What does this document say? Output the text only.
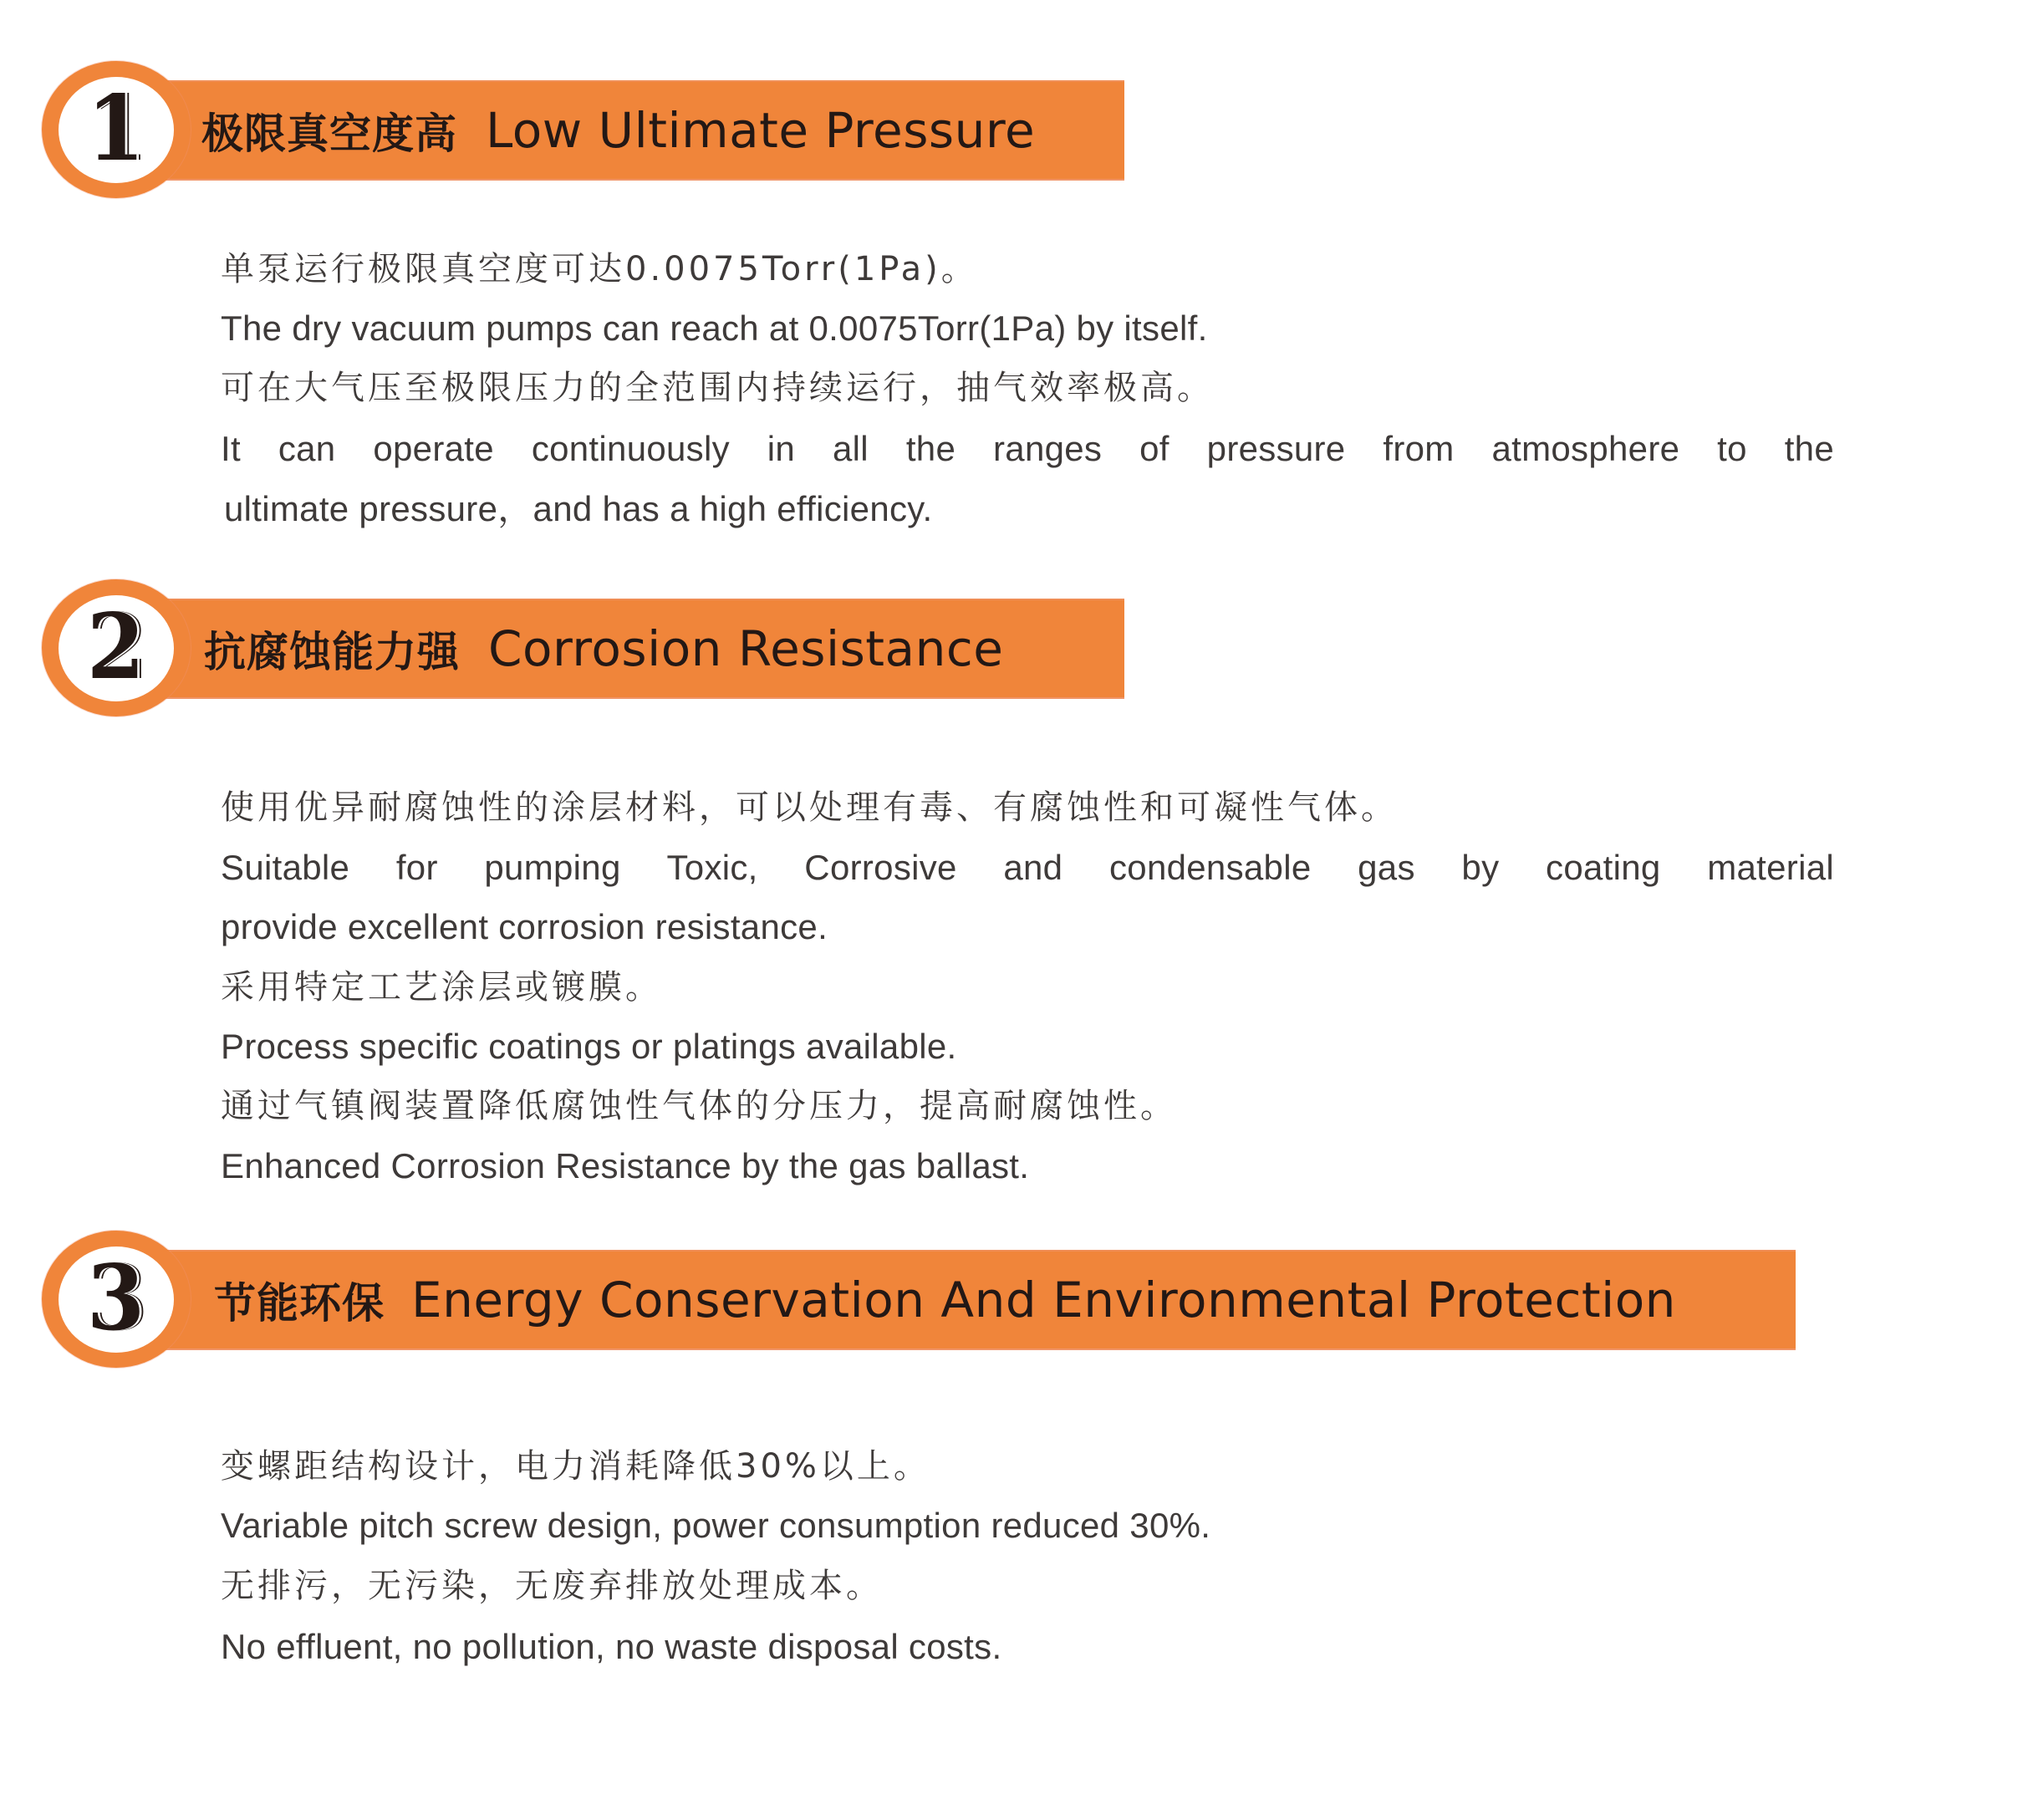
1 极限真空度高 Low Ultimate Pressure
单泵运行极限真空度可达0.0075Torr(1Pa)。
The dry vacuum pumps can reach at 0.0075Torr(1Pa) by itself.
可在大气压至极限压力的全范围内持续运行，抽气效率极高。
It can operate continuously in all the ranges of pressure from atmosphere to the
ultimate pressure，and has a high efficiency.
2 抗腐蚀能力强 Corrosion Resistance
使用优异耐腐蚀性的涂层材料，可以处理有毒、有腐蚀性和可凝性气体。
Suitable for pumping Toxic, Corrosive and condensable gas by coating material
provide excellent corrosion resistance.
采用特定工艺涂层或镀膜。
Process specific coatings or platings available.
通过气镇阀装置降低腐蚀性气体的分压力，提高耐腐蚀性。
Enhanced Corrosion Resistance by the gas ballast.
3 节能环保 Energy Conservation And Environmental Protection
变螺距结构设计，电力消耗降低30%以上。
Variable pitch screw design, power consumption reduced 30%.
无排污，无污染，无废弃排放处理成本。
No effluent, no pollution, no waste disposal costs.
